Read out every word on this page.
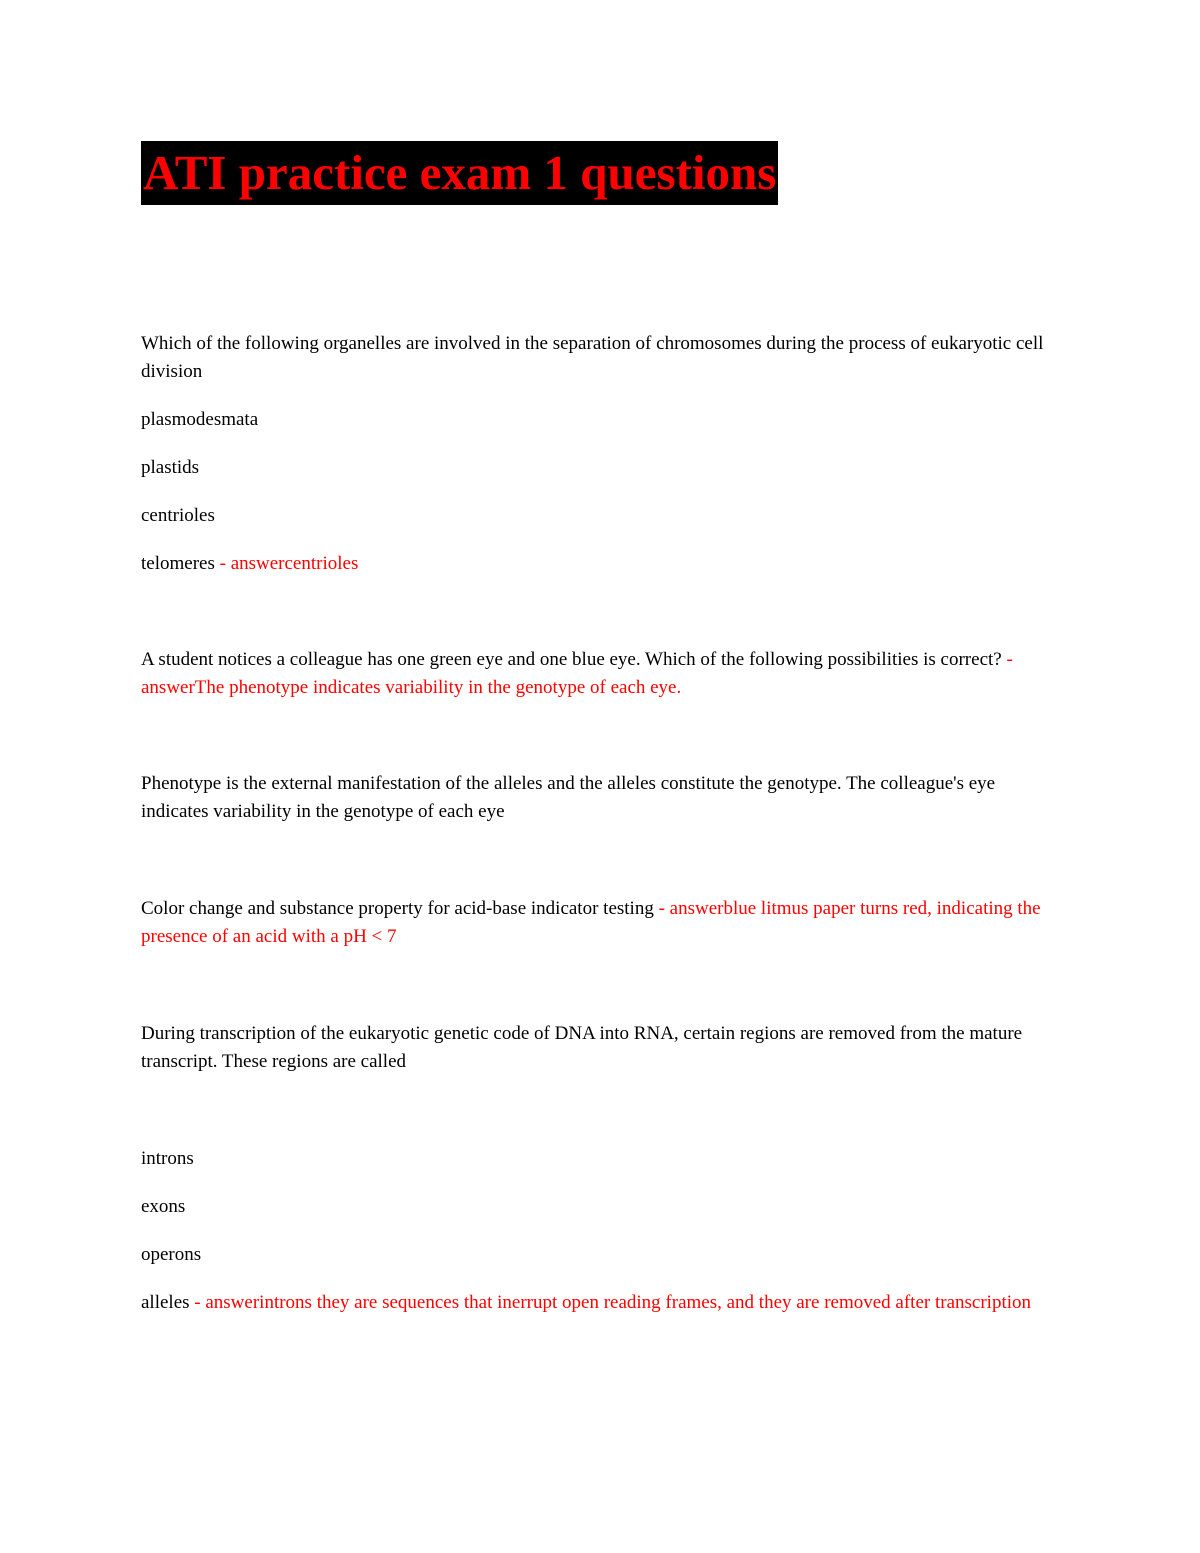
ATI practice exam 1 questions
Which of the following organelles are involved in the separation of chromosomes during the process of eukaryotic cell division
plasmodesmata
plastids
centrioles
telomeres - answercentrioles
A student notices a colleague has one green eye and one blue eye. Which of the following possibilities is correct? - answerThe phenotype indicates variability in the genotype of each eye.
Phenotype is the external manifestation of the alleles and the alleles constitute the genotype. The colleague's eye indicates variability in the genotype of each eye
Color change and substance property for acid-base indicator testing - answerblue litmus paper turns red, indicating the presence of an acid with a pH < 7
During transcription of the eukaryotic genetic code of DNA into RNA, certain regions are removed from the mature transcript. These regions are called
introns
exons
operons
alleles - answerintrons they are sequences that inerrupt open reading frames, and they are removed after transcription
